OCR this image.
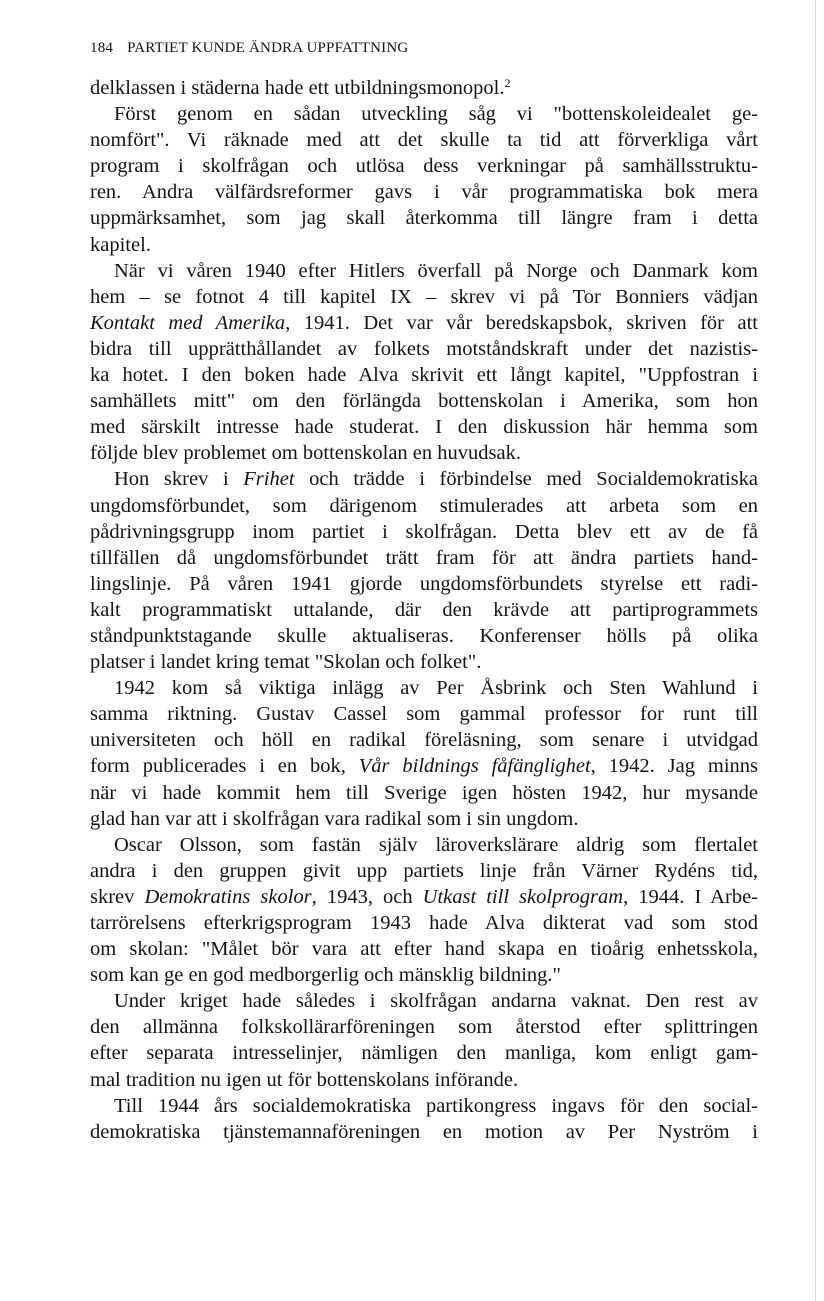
184 PARTIET KUNDE ÄNDRA UPPFATTNING
delklassen i städerna hade ett utbildningsmonopol.$^2$
Först genom en sådan utveckling såg vi "bottenskoleidealet ge-
nomfört". Vi räknade med att det skulle ta tid att förverkliga vårt
program i skolfrågan och utlösa dess verkningar på samhällsstruktu-
ren. Andra välfärdsreformer gavs i vår programmatiska bok mera
uppmärksamhet, som jag skall återkomma till längre fram i detta
kapitel.
När vi våren 1940 efter Hitlers överfall på Norge och Danmark kom
hem – se fotnot 4 till kapitel IX – skrev vi på Tor Bonniers vädjan
Kontakt med Amerika, 1941. Det var vår beredskapsbok, skriven för att
bidra till upprätthållandet av folkets motståndskraft under det nazistis-
ka hotet. I den boken hade Alva skrivit ett långt kapitel, "Uppfostran i
samhällets mitt" om den förlängda bottenskolan i Amerika, som hon
med särskilt intresse hade studerat. I den diskussion här hemma som
följde blev problemet om bottenskolan en huvudsak.
Hon skrev i Frihet och trädde i förbindelse med Socialdemokratiska
ungdomsförbundet, som därigenom stimulerades att arbeta som en
pådrivningsgrupp inom partiet i skolfrågan. Detta blev ett av de få
tillfällen då ungdomsförbundet trätt fram för att ändra partiets hand-
lingslinje. På våren 1941 gjorde ungdomsförbundets styrelse ett radi-
kalt programmatiskt uttalande, där den krävde att partiprogrammets
ståndpunktstagande skulle aktualiseras. Konferenser hölls på olika
platser i landet kring temat "Skolan och folket".
1942 kom så viktiga inlägg av Per Åsbrink och Sten Wahlund i
samma riktning. Gustav Cassel som gammal professor for runt till
universiteten och höll en radikal föreläsning, som senare i utvidgad
form publicerades i en bok, Vår bildnings fåfänglighet, 1942. Jag minns
när vi hade kommit hem till Sverige igen hösten 1942, hur mysande
glad han var att i skolfrågan vara radikal som i sin ungdom.
Oscar Olsson, som fastän själv läroverkslärare aldrig som flertalet
andra i den gruppen givit upp partiets linje från Värner Rydéns tid,
skrev Demokratins skolor, 1943, och Utkast till skolprogram, 1944. I Arbe-
tarrörelsens efterkrigsprogram 1943 hade Alva dikterat vad som stod
om skolan: "Målet bör vara att efter hand skapa en tioårig enhetsskola,
som kan ge en god medborgerlig och mänsklig bildning."
Under kriget hade således i skolfrågan andarna vaknat. Den rest av
den allmänna folkskollärarföreningen som återstod efter splittringen
efter separata intresselinjer, nämligen den manliga, kom enligt gam-
mal tradition nu igen ut för bottenskolans införande.
Till 1944 års socialdemokratiska partikongress ingavs för den social-
demokratiska tjänstemannaföreningen en motion av Per Nyström i
